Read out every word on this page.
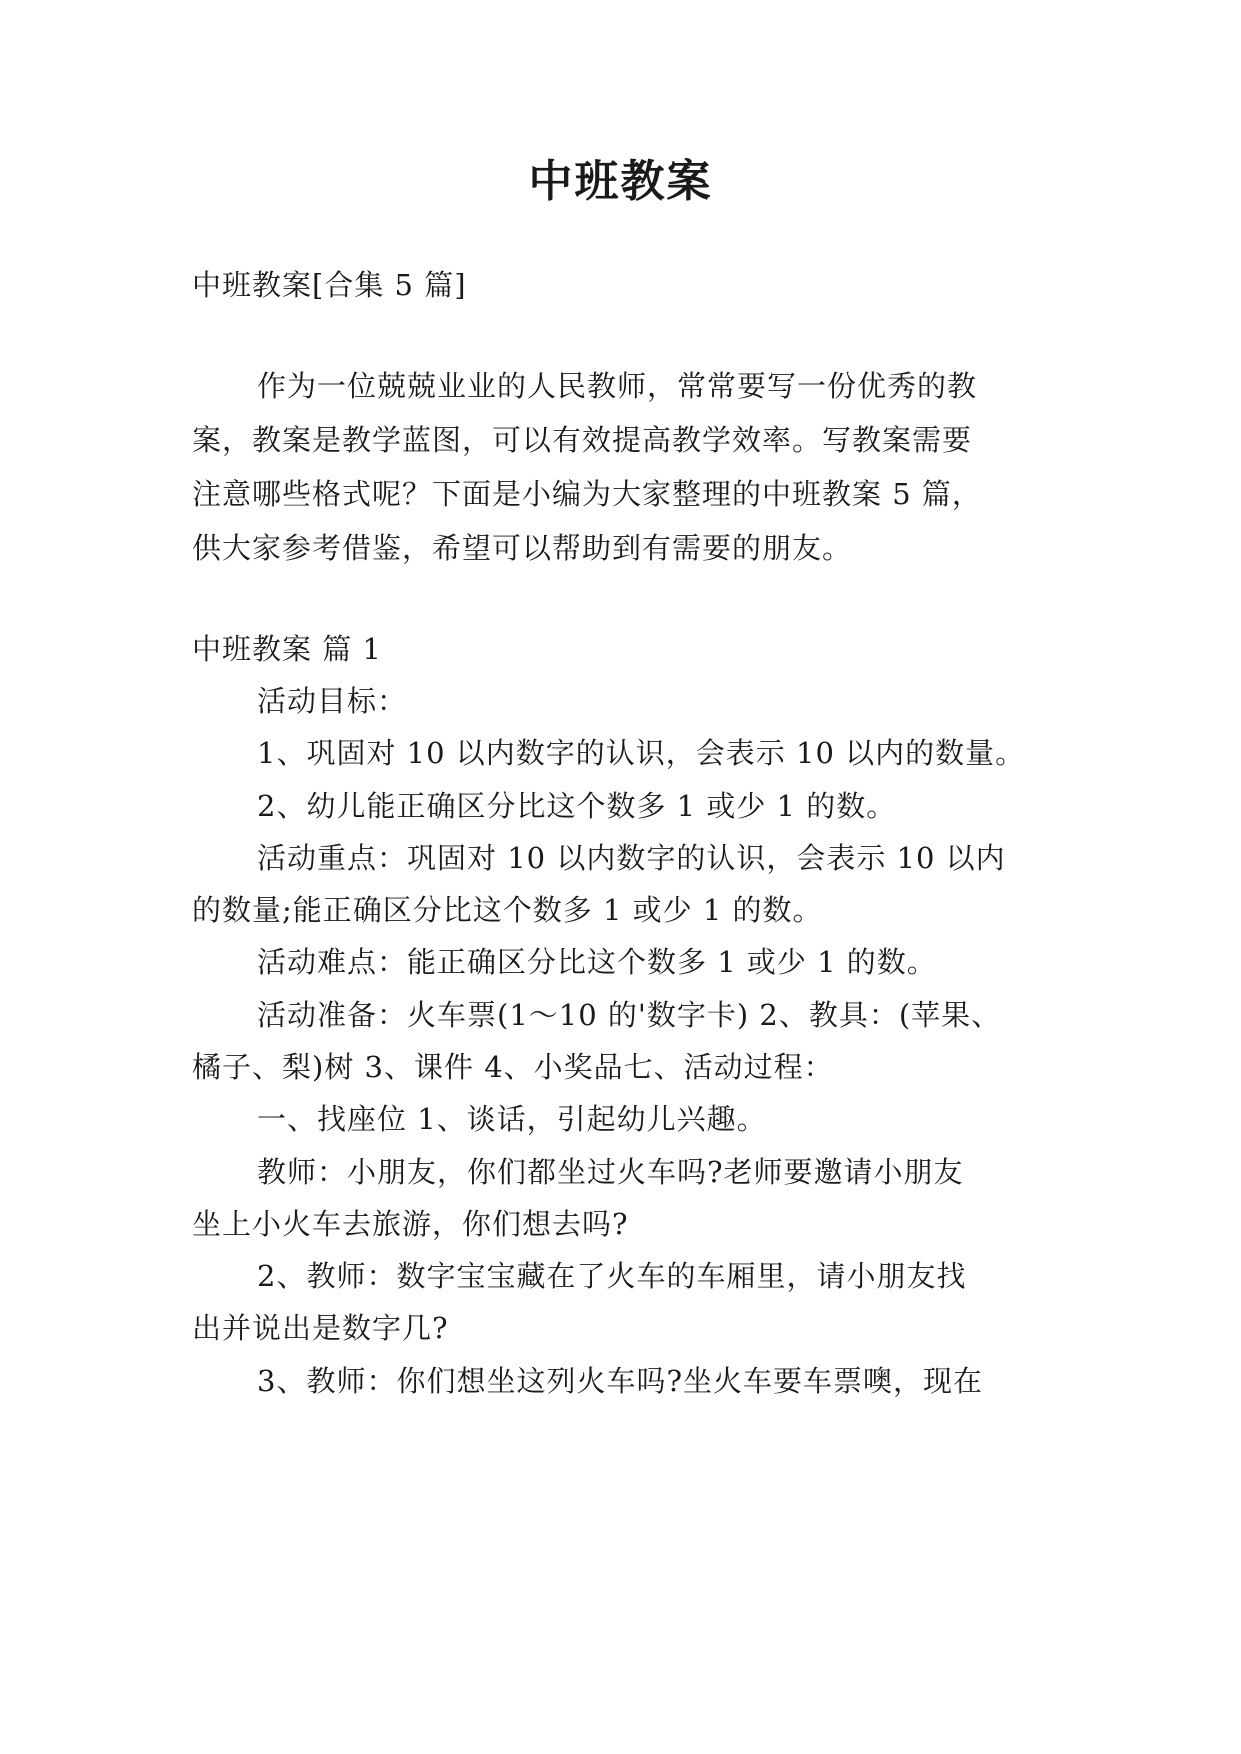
中班教案
中班教案[合集 5 篇]
作为一位兢兢业业的人民教师，常常要写一份优秀的教
案，教案是教学蓝图，可以有效提高教学效率。写教案需要
注意哪些格式呢？下面是小编为大家整理的中班教案 5 篇，
供大家参考借鉴，希望可以帮助到有需要的朋友。
中班教案 篇 1
活动目标：
1、巩固对 10 以内数字的认识，会表示 10 以内的数量。
2、幼儿能正确区分比这个数多 1 或少 1 的数。
活动重点：巩固对 10 以内数字的认识，会表示 10 以内
的数量;能正确区分比这个数多 1 或少 1 的数。
活动难点：能正确区分比这个数多 1 或少 1 的数。
活动准备：火车票(1～10 的'数字卡) 2、教具：(苹果、
橘子、梨)树 3、课件 4、小奖品七、活动过程：
一、找座位 1、谈话，引起幼儿兴趣。
教师：小朋友，你们都坐过火车吗?老师要邀请小朋友
坐上小火车去旅游，你们想去吗?
2、教师：数字宝宝藏在了火车的车厢里，请小朋友找
出并说出是数字几?
3、教师：你们想坐这列火车吗?坐火车要车票噢，现在
